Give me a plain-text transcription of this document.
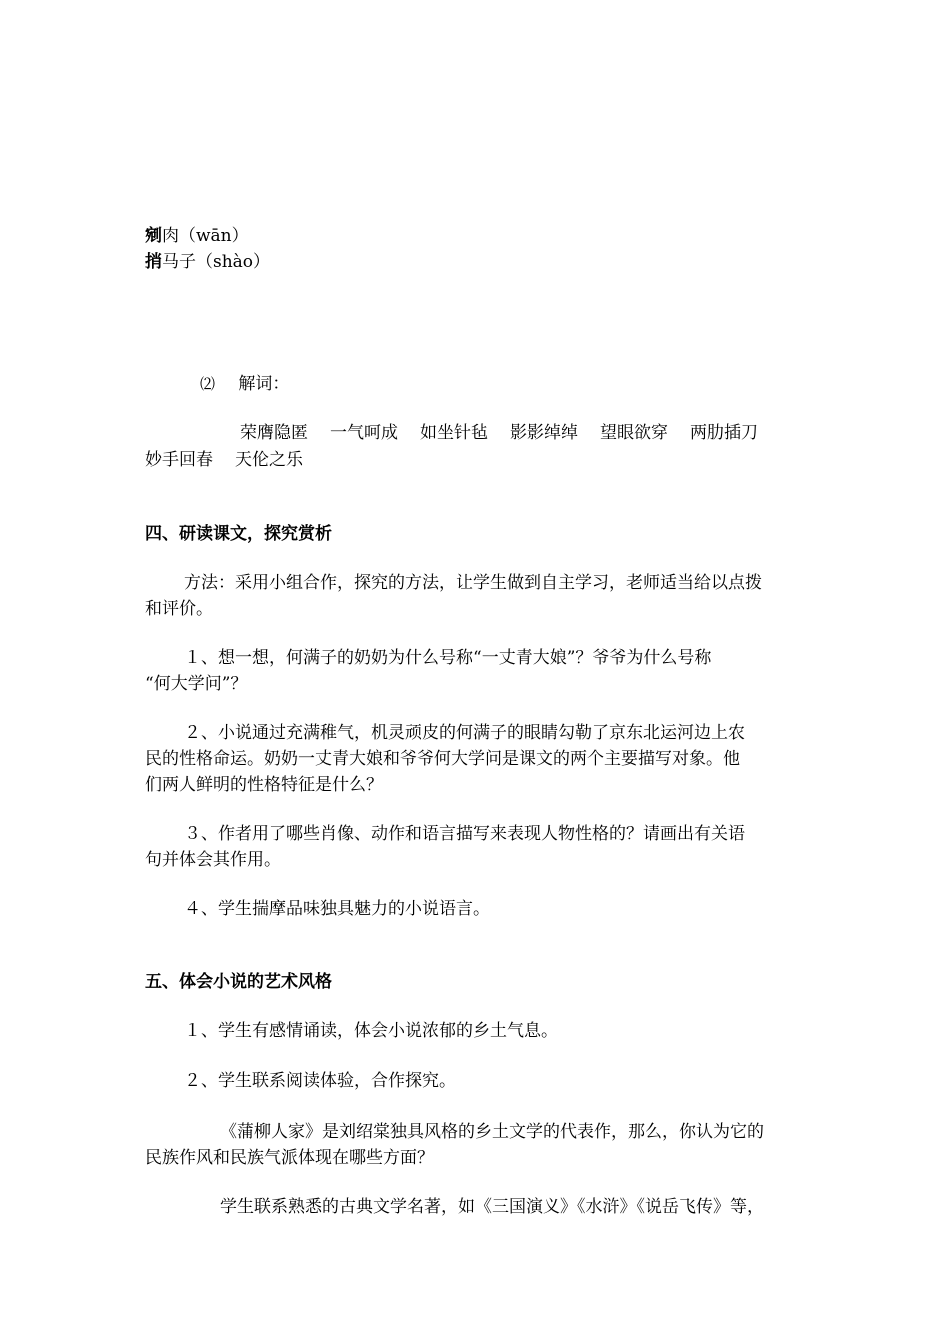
剜肉（wān）
捎马子（shào）
⑵ 解词：
荣膺隐匿 一气呵成 如坐针毡 影影绰绰 望眼欲穿 两肋插刀
妙手回春 天伦之乐
四、研读课文，探究赏析
方法：采用小组合作，探究的方法，让学生做到自主学习，老师适当给以点拨
和评价。
１、想一想，何满子的奶奶为什么号称“一丈青大娘”？爷爷为什么号称
“何大学问”？
２、小说通过充满稚气，机灵顽皮的何满子的眼睛勾勒了京东北运河边上农
民的性格命运。奶奶一丈青大娘和爷爷何大学问是课文的两个主要描写对象。他
们两人鲜明的性格特征是什么？
３、作者用了哪些肖像、动作和语言描写来表现人物性格的？请画出有关语
句并体会其作用。
４、学生揣摩品味独具魅力的小说语言。
五、体会小说的艺术风格
１、学生有感情诵读，体会小说浓郁的乡土气息。
２、学生联系阅读体验，合作探究。
《蒲柳人家》是刘绍棠独具风格的乡土文学的代表作，那么，你认为它的
民族作风和民族气派体现在哪些方面？
学生联系熟悉的古典文学名著，如《三国演义》《水浒》《说岳飞传》等，
